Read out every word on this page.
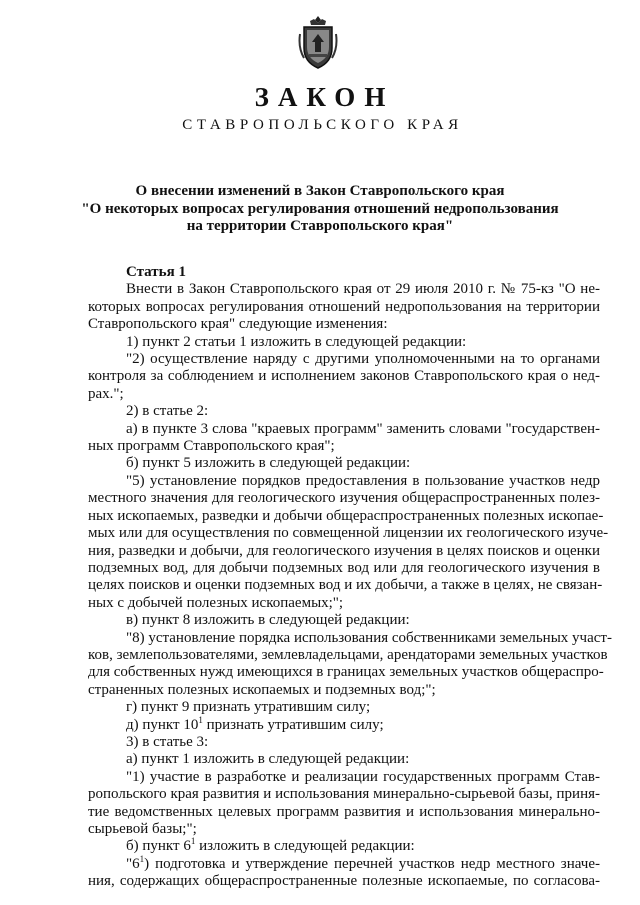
ЗАКОН
СТАВРОПОЛЬСКОГО КРАЯ
О внесении изменений в Закон Ставропольского края
"О некоторых вопросах регулирования отношений недропользования
на территории Ставропольского края"
Статья 1
Внести в Закон Ставропольского края от 29 июля 2010 г. № 75-кз "О не-
которых вопросах регулирования отношений недропользования на территории
Ставропольского края" следующие изменения:
1) пункт 2 статьи 1 изложить в следующей редакции:
"2) осуществление наряду с другими уполномоченными на то органами
контроля за соблюдением и исполнением законов Ставропольского края о нед-
рах.";
2) в статье 2:
а) в пункте 3 слова "краевых программ" заменить словами "государствен-
ных программ Ставропольского края";
б) пункт 5 изложить в следующей редакции:
"5) установление порядков предоставления в пользование участков недр
местного значения для геологического изучения общераспространенных полез-
ных ископаемых, разведки и добычи общераспространенных полезных ископае-
мых или для осуществления по совмещенной лицензии их геологического изуче-
ния, разведки и добычи, для геологического изучения в целях поисков и оценки
подземных вод, для добычи подземных вод или для геологического изучения в
целях поисков и оценки подземных вод и их добычи, а также в целях, не связан-
ных с добычей полезных ископаемых;";
в) пункт 8 изложить в следующей редакции:
"8) установление порядка использования собственниками земельных участ-
ков, землепользователями, землевладельцами, арендаторами земельных участков
для собственных нужд имеющихся в границах земельных участков общераспро-
страненных полезных ископаемых и подземных вод;";
г) пункт 9 признать утратившим силу;
д) пункт $10^1$ признать утратившим силу;
3) в статье 3:
а) пункт 1 изложить в следующей редакции:
"1) участие в разработке и реализации государственных программ Став-
ропольского края развития и использования минерально-сырьевой базы, приня-
тие ведомственных целевых программ развития и использования минерально-
сырьевой базы;";
б) пункт $6^1$ изложить в следующей редакции:
"$6^1$) подготовка и утверждение перечней участков недр местного значе-
ния, содержащих общераспространенные полезные ископаемые, по согласова-
